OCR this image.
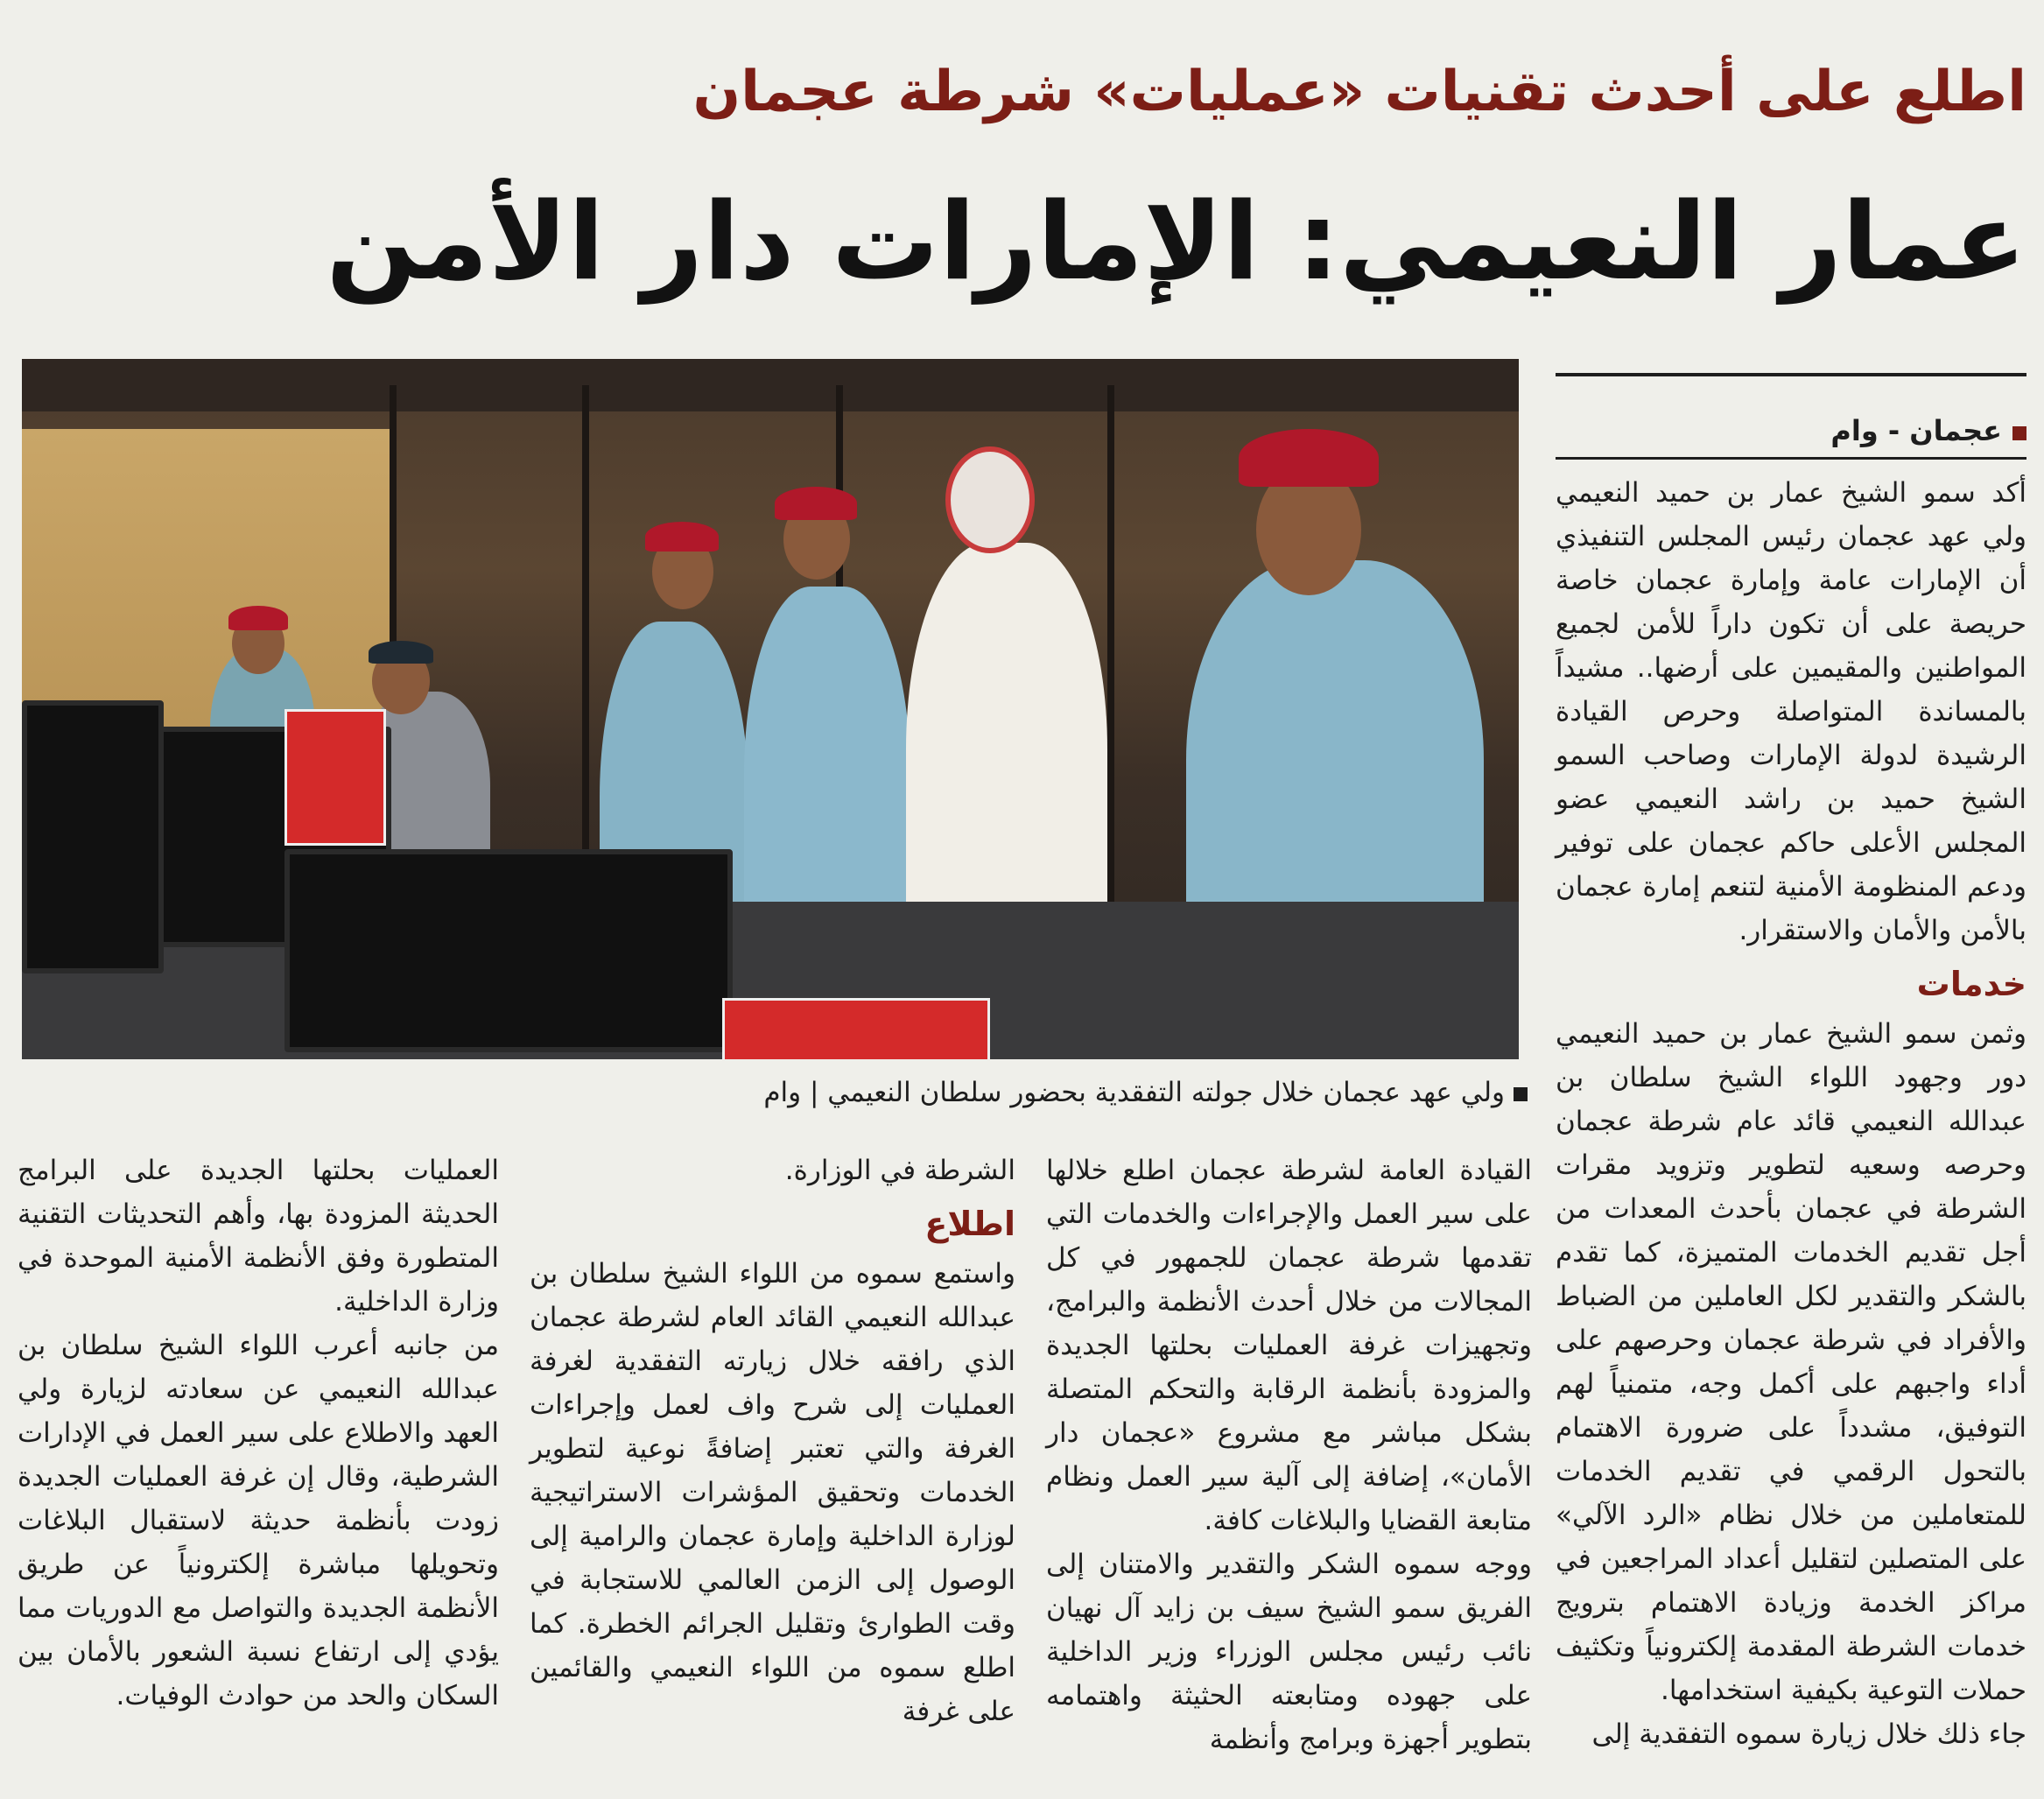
اطلع على أحدث تقنيات «عمليات» شرطة عجمان
عمار النعيمي: الإمارات دار الأمن
ولي عهد عجمان خلال جولته التفقدية بحضور سلطان النعيمي | وام
عجمان - وام

أكد سمو الشيخ عمار بن حميد النعيمي ولي عهد عجمان رئيس المجلس التنفيذي أن الإمارات عامة وإمارة عجمان خاصة حريصة على أن تكون داراً للأمن لجميع المواطنين والمقيمين على أرضها.. مشيداً بالمساندة المتواصلة وحرص القيادة الرشيدة لدولة الإمارات وصاحب السمو الشيخ حميد بن راشد النعيمي عضو المجلس الأعلى حاكم عجمان على توفير ودعم المنظومة الأمنية لتنعم إمارة عجمان بالأمن والأمان والاستقرار.

خدمات

وثمن سمو الشيخ عمار بن حميد النعيمي دور وجهود اللواء الشيخ سلطان بن عبدالله النعيمي قائد عام شرطة عجمان وحرصه وسعيه لتطوير وتزويد مقرات الشرطة في عجمان بأحدث المعدات من أجل تقديم الخدمات المتميزة، كما تقدم بالشكر والتقدير لكل العاملين من الضباط والأفراد في شرطة عجمان وحرصهم على أداء واجبهم على أكمل وجه، متمنياً لهم التوفيق، مشدداً على ضرورة الاهتمام بالتحول الرقمي في تقديم الخدمات للمتعاملين من خلال نظام «الرد الآلي» على المتصلين لتقليل أعداد المراجعين في مراكز الخدمة وزيادة الاهتمام بترويج خدمات الشرطة المقدمة إلكترونياً وتكثيف حملات التوعية بكيفية استخدامها.

جاء ذلك خلال زيارة سموه التفقدية إلى

القيادة العامة لشرطة عجمان اطلع خلالها على سير العمل والإجراءات والخدمات التي تقدمها شرطة عجمان للجمهور في كل المجالات من خلال أحدث الأنظمة والبرامج، وتجهيزات غرفة العمليات بحلتها الجديدة والمزودة بأنظمة الرقابة والتحكم المتصلة بشكل مباشر مع مشروع «عجمان دار الأمان»، إضافة إلى آلية سير العمل ونظام متابعة القضايا والبلاغات كافة.

ووجه سموه الشكر والتقدير والامتنان إلى الفريق سمو الشيخ سيف بن زايد آل نهيان نائب رئيس مجلس الوزراء وزير الداخلية على جهوده ومتابعته الحثيثة واهتمامه بتطوير أجهزة وبرامج وأنظمة

الشرطة في الوزارة.

اطلاع

واستمع سموه من اللواء الشيخ سلطان بن عبدالله النعيمي القائد العام لشرطة عجمان الذي رافقه خلال زيارته التفقدية لغرفة العمليات إلى شرح واف لعمل وإجراءات الغرفة والتي تعتبر إضافةً نوعية لتطوير الخدمات وتحقيق المؤشرات الاستراتيجية لوزارة الداخلية وإمارة عجمان والرامية إلى الوصول إلى الزمن العالمي للاستجابة في وقت الطوارئ وتقليل الجرائم الخطرة. كما اطلع سموه من اللواء النعيمي والقائمين على غرفة

العمليات بحلتها الجديدة على البرامج الحديثة المزودة بها، وأهم التحديثات التقنية المتطورة وفق الأنظمة الأمنية الموحدة في وزارة الداخلية.

من جانبه أعرب اللواء الشيخ سلطان بن عبدالله النعيمي عن سعادته لزيارة ولي العهد والاطلاع على سير العمل في الإدارات الشرطية، وقال إن غرفة العمليات الجديدة زودت بأنظمة حديثة لاستقبال البلاغات وتحويلها مباشرة إلكترونياً عن طريق الأنظمة الجديدة والتواصل مع الدوريات مما يؤدي إلى ارتفاع نسبة الشعور بالأمان بين السكان والحد من حوادث الوفيات.
